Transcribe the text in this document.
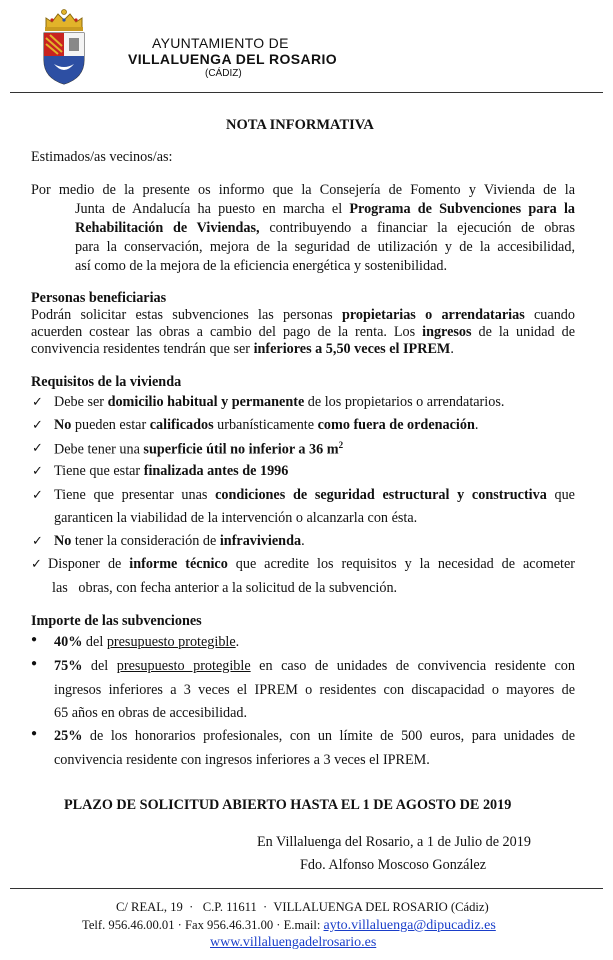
AYUNTAMIENTO DE
VILLALUENGA DEL ROSARIO
(CÁDIZ)
NOTA INFORMATIVA
Estimados/as vecinos/as:
Por medio de la presente os informo que la Consejería de Fomento y Vivienda de la
Junta de Andalucía ha puesto en marcha el Programa de Subvenciones para la
Rehabilitación de Viviendas, contribuyendo a financiar la ejecución de obras
para la conservación, mejora de la seguridad de utilización y de la accesibilidad,
así como de la mejora de la eficiencia energética y sostenibilidad.
Personas beneficiarias
Podrán solicitar estas subvenciones las personas propietarias o arrendatarias cuando
acuerden costear las obras a cambio del pago de la renta. Los ingresos de la unidad de
convivencia residentes tendrán que ser inferiores a 5,50 veces el IPREM.
Requisitos de la vivienda
✓ Debe ser domicilio habitual y permanente de los propietarios o arrendatarios.
✓ No pueden estar calificados urbanísticamente como fuera de ordenación.
✓ Debe tener una superficie útil no inferior a 36 $m^2$
✓ Tiene que estar finalizada antes de 1996
✓ Tiene que presentar unas condiciones de seguridad estructural y constructiva que
garanticen la viabilidad de la intervención o alcanzarla con ésta.
✓ No tener la consideración de infravivienda.
✓ Disponer de informe técnico que acredite los requisitos y la necesidad de acometer
las   obras, con fecha anterior a la solicitud de la subvención.
Importe de las subvenciones
● 40% del presupuesto protegible.
● 75% del presupuesto protegible en caso de unidades de convivencia residente con
ingresos inferiores a 3 veces el IPREM o residentes con discapacidad o mayores de
65 años en obras de accesibilidad.
● 25% de los honorarios profesionales, con un límite de 500 euros, para unidades de
convivencia residente con ingresos inferiores a 3 veces el IPREM.
PLAZO DE SOLICITUD ABIERTO HASTA EL 1 DE AGOSTO DE 2019
En Villaluenga del Rosario, a 1 de Julio de 2019
Fdo. Alfonso Moscoso González
C/ REAL, 19  ·   C.P. 11611  ·  VILLALUENGA DEL ROSARIO (Cádiz)
Telf. 956.46.00.01 · Fax 956.46.31.00 · E.mail: ayto.villaluenga@dipucadiz.es
www.villaluengadelrosario.es
